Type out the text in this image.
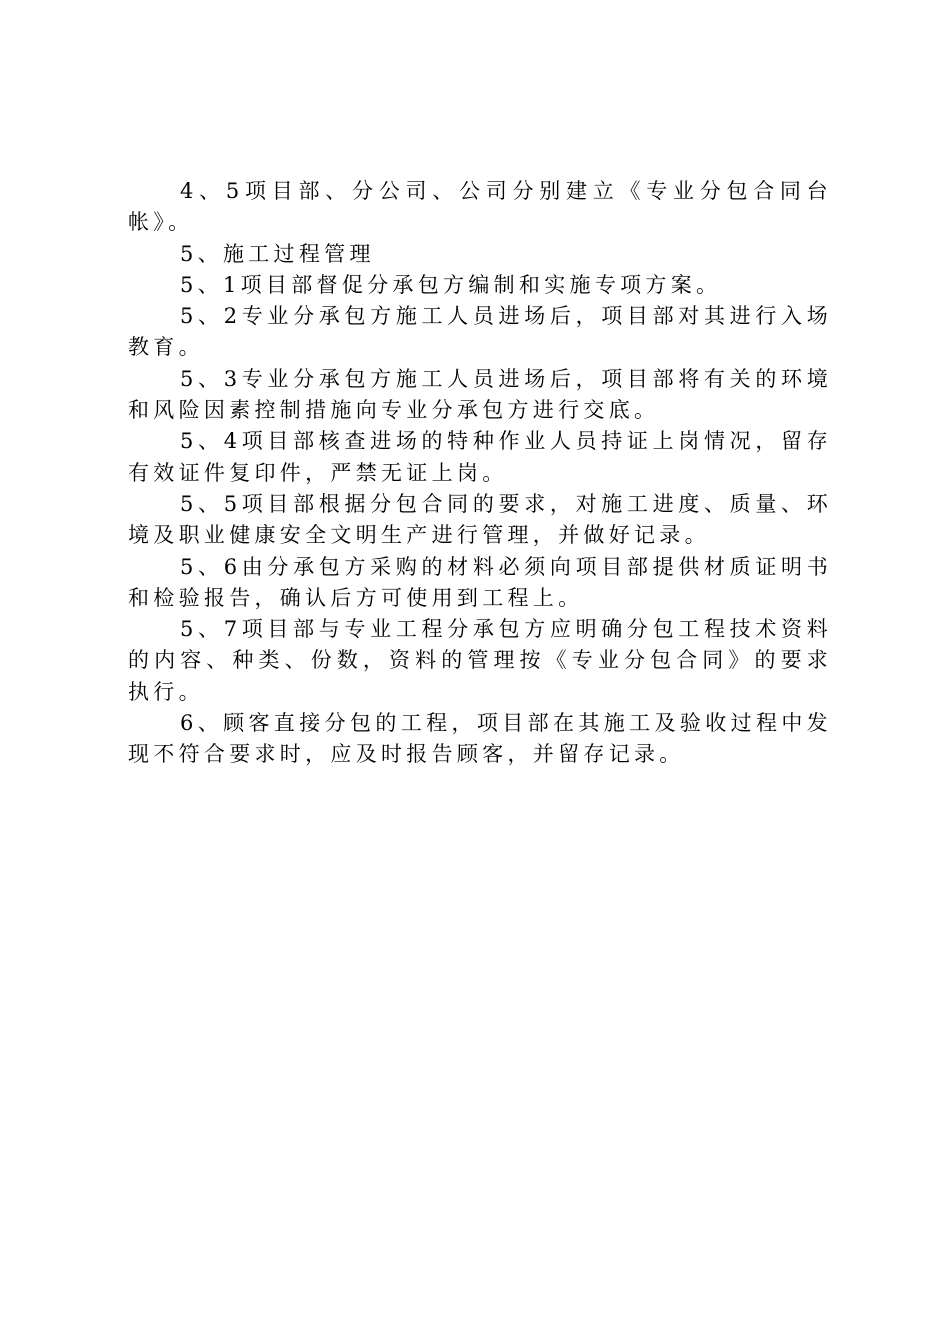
4、5项目部、分公司、公司分别建立《专业分包合同台帐》。

5、施工过程管理

5、1项目部督促分承包方编制和实施专项方案。

5、2专业分承包方施工人员进场后，项目部对其进行入场教育。

5、3专业分承包方施工人员进场后，项目部将有关的环境和风险因素控制措施向专业分承包方进行交底。

5、4项目部核查进场的特种作业人员持证上岗情况，留存有效证件复印件，严禁无证上岗。

5、5项目部根据分包合同的要求，对施工进度、质量、环境及职业健康安全文明生产进行管理，并做好记录。

5、6由分承包方采购的材料必须向项目部提供材质证明书和检验报告，确认后方可使用到工程上。

5、7项目部与专业工程分承包方应明确分包工程技术资料的内容、种类、份数，资料的管理按《专业分包合同》的要求执行。

6、顾客直接分包的工程，项目部在其施工及验收过程中发现不符合要求时，应及时报告顾客，并留存记录。
